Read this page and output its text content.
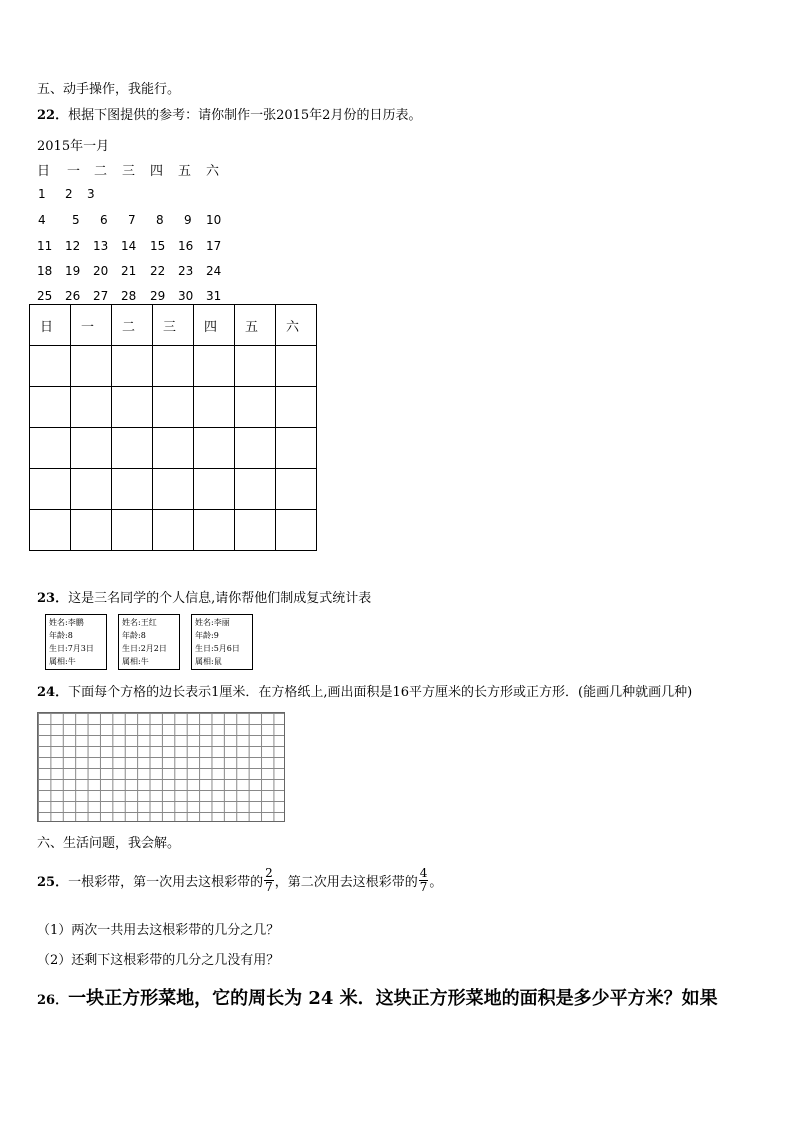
五、动手操作，我能行。
22．根据下图提供的参考：请你制作一张2015年2月份的日历表。
2015年一月
日 一 二 三 四 五 六
1 2 3
4 5 6 7 8 9 10
11 12 13 14 15 16 17
18 19 20 21 22 23 24
25 26 27 28 29 30 31
日	一	二	三	四	五	六

23．这是三名同学的个人信息,请你帮他们制成复式统计表
姓名:李鹏
年龄:8
生日:7月3日
属相:牛
姓名:王红
年龄:8
生日:2月2日
属相:牛
姓名:李丽
年龄:9
生日:5月6日
属相:鼠
24．下面每个方格的边长表示1厘米．在方格纸上,画出面积是16平方厘米的长方形或正方形．(能画几种就画几种)
六、生活问题，我会解。
25． 一根彩带，第一次用去这根彩带的 $\frac{2}{7}$ ，第二次用去这根彩带的 $\frac{4}{7}$ 。
（1）两次一共用去这根彩带的几分之几？
（2）还剩下这根彩带的几分之几没有用？
26．一块正方形菜地，它的周长为 24 米．这块正方形菜地的面积是多少平方米？如果
